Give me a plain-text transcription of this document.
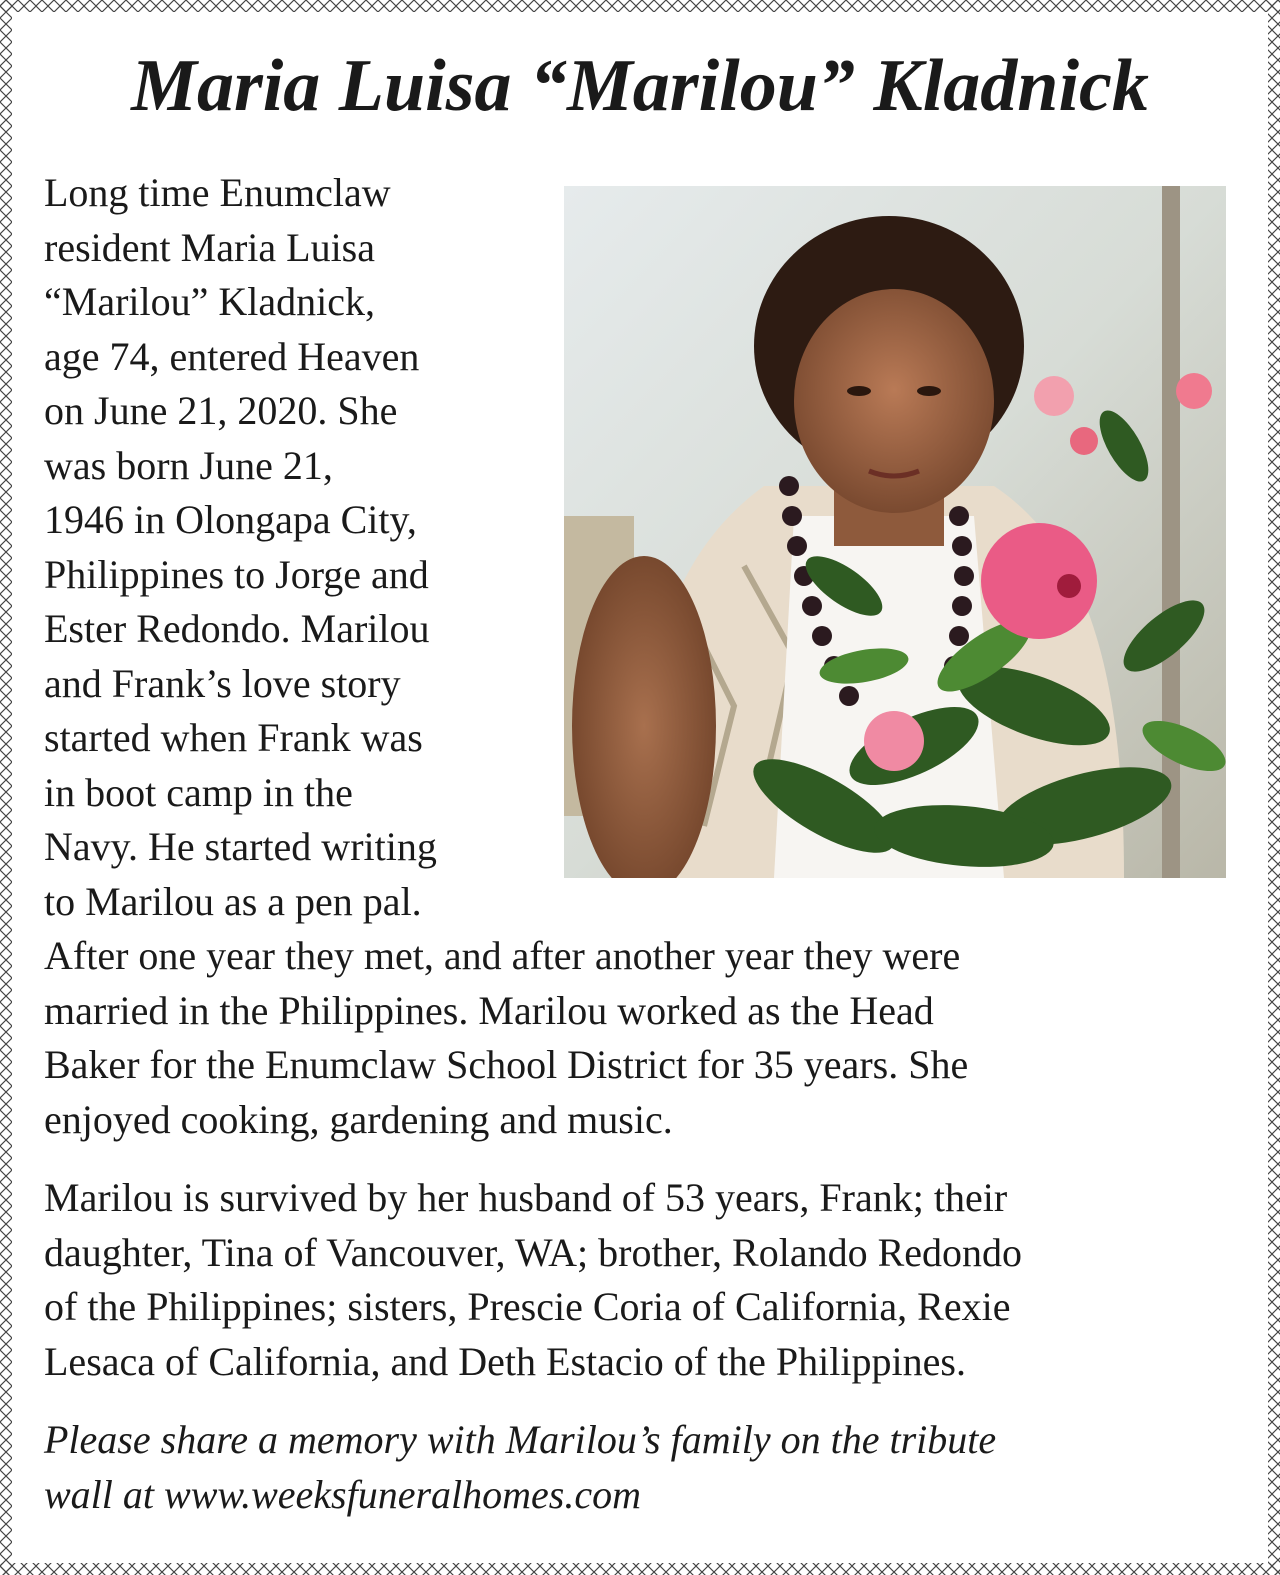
Maria Luisa “Marilou” Kladnick
Long time Enumclaw
resident Maria Luisa
“Marilou” Kladnick,
age 74, entered Heaven
on June 21, 2020. She
was born June 21,
1946 in Olongapa City,
Philippines to Jorge and
Ester Redondo. Marilou
and Frank’s love story
started when Frank was
in boot camp in the
Navy. He started writing
to Marilou as a pen pal.
After one year they met, and after another year they were
married in the Philippines. Marilou worked as the Head
Baker for the Enumclaw School District for 35 years. She
enjoyed cooking, gardening and music.
Marilou is survived by her husband of 53 years, Frank; their
daughter, Tina of Vancouver, WA; brother, Rolando Redondo
of the Philippines; sisters, Prescie Coria of California, Rexie
Lesaca of California, and Deth Estacio of the Philippines.
Please share a memory with Marilou’s family on the tribute
wall at www.weeksfuneralhomes.com
